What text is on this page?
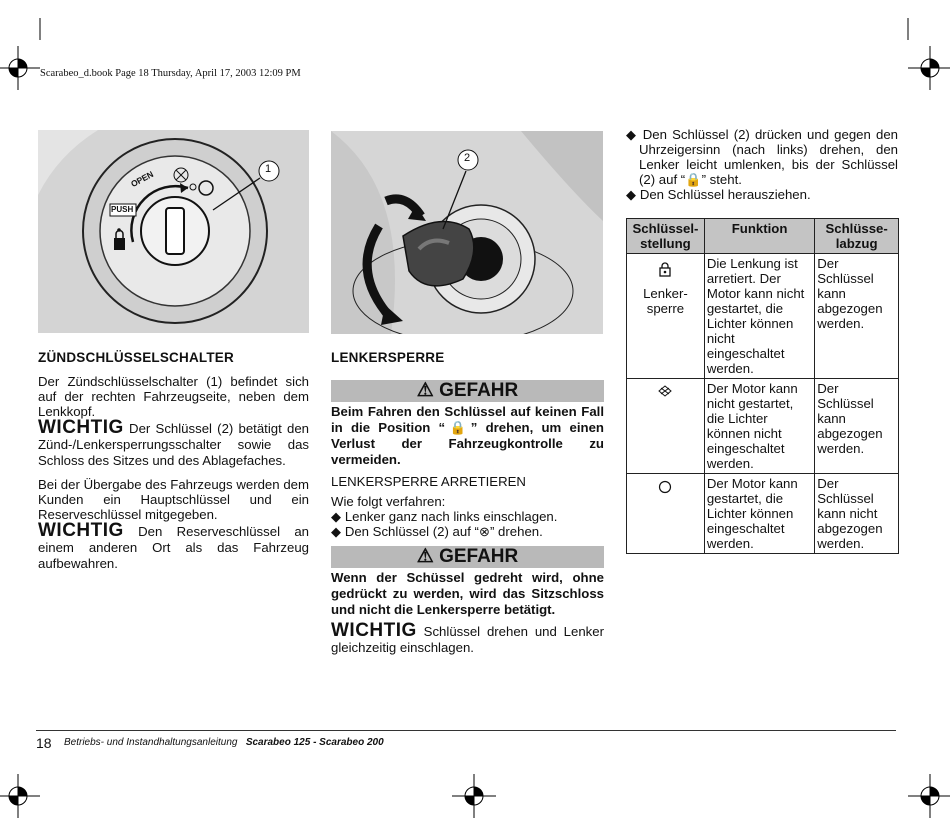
Scarabeo_d.book Page 18 Thursday, April 17, 2003 12:09 PM
OPEN
PUSH
1
2

ZÜNDSCHLÜSSELSCHALTER

Der Zündschlüsselschalter (1) befindet sich auf der rechten Fahrzeugseite, neben dem Lenkkopf.

WICHTIG Der Schlüssel (2) betätigt den Zünd-/Lenkersperrungsschalter sowie das Schloss des Sitzes und des Ablagefaches.

Bei der Übergabe des Fahrzeugs werden dem Kunden ein Hauptschlüssel und ein Reserveschlüssel mitgegeben.

WICHTIG Den Reserveschlüssel an einem anderen Ort als das Fahrzeug aufbewahren.

LENKERSPERRE

⚠ GEFAHR

Beim Fahren den Schlüssel auf keinen Fall in die Position “🔒” drehen, um einen Verlust der Fahrzeugkontrolle zu vermeiden.

LENKERSPERRE ARRETIEREN

Wie folgt verfahren:

◆ Lenker ganz nach links einschlagen.

◆ Den Schlüssel (2) auf “⊗” drehen.

⚠ GEFAHR

Wenn der Schüssel gedreht wird, ohne gedrückt zu werden, wird das Sitzschloss und nicht die Lenkersperre betätigt.

WICHTIG Schlüssel drehen und Lenker gleichzeitig einschlagen.

◆ Den Schlüssel (2) drücken und gegen den Uhrzeigersinn (nach links) drehen, den Lenker leicht umlenken, bis der Schlüssel (2) auf “🔒” steht.

◆ Den Schlüssel herausziehen.

Schlüssel-stellung	Funktion	Schlüsse-labzug

Lenker-sperre	Die Lenkung ist arretiert. Der Motor kann nicht gestartet, die Lichter können nicht eingeschaltet werden.	Der Schlüssel kann abgezogen werden.

	Der Motor kann nicht gestartet, die Lichter können nicht eingeschaltet werden.	Der Schlüssel kann abgezogen werden.

	Der Motor kann gestartet, die Lichter können eingeschaltet werden.	Der Schlüssel kann nicht abgezogen werden.
18 Betriebs- und Instandhaltungsanleitung Scarabeo 125 - Scarabeo 200
